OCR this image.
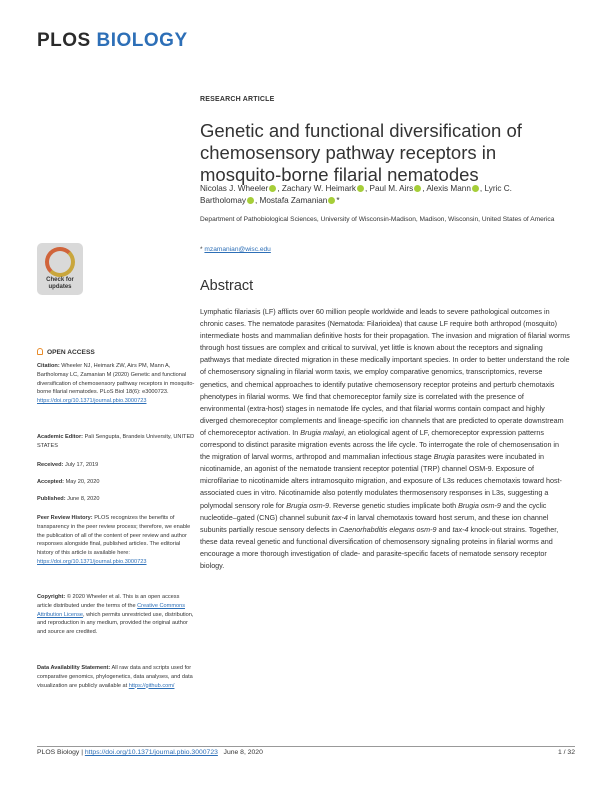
PLOS BIOLOGY
RESEARCH ARTICLE
Genetic and functional diversification of chemosensory pathway receptors in mosquito-borne filarial nematodes
Nicolas J. Wheeler , Zachary W. Heimark , Paul M. Airs , Alexis Mann , Lyric C. Bartholomay , Mostafa Zamanian *
Department of Pathobiological Sciences, University of Wisconsin-Madison, Madison, Wisconsin, United States of America
* mzamanian@wisc.edu
Check for
updates
OPEN ACCESS
Citation: Wheeler NJ, Heimark ZW, Airs PM, Mann A, Bartholomay LC, Zamanian M (2020) Genetic and functional diversification of chemosensory pathway receptors in mosquito-borne filarial nematodes. PLoS Biol 18(6): e3000723. https://doi.org/10.1371/journal.pbio.3000723
Academic Editor: Pali Sengupta, Brandeis University, UNITED STATES
Received: July 17, 2019
Accepted: May 20, 2020
Published: June 8, 2020
Peer Review History: PLOS recognizes the benefits of transparency in the peer review process; therefore, we enable the publication of all of the content of peer review and author responses alongside final, published articles. The editorial history of this article is available here: https://doi.org/10.1371/journal.pbio.3000723
Copyright: © 2020 Wheeler et al. This is an open access article distributed under the terms of the Creative Commons Attribution License, which permits unrestricted use, distribution, and reproduction in any medium, provided the original author and source are credited.
Data Availability Statement: All raw data and scripts used for comparative genomics, phylogenetics, data analyses, and data visualization are publicly available at https://github.com/
Abstract
Lymphatic filariasis (LF) afflicts over 60 million people worldwide and leads to severe pathological outcomes in chronic cases. The nematode parasites (Nematoda: Filarioidea) that cause LF require both arthropod (mosquito) intermediate hosts and mammalian definitive hosts for their propagation. The invasion and migration of filarial worms through host tissues are complex and critical to survival, yet little is known about the receptors and signaling pathways that mediate directed migration in these medically important species. In order to better understand the role of chemosensory signaling in filarial worm taxis, we employ comparative genomics, transcriptomics, reverse genetics, and chemical approaches to identify putative chemosensory receptor proteins and perturb chemotaxis phenotypes in filarial worms. We find that chemoreceptor family size is correlated with the presence of environmental (extra-host) stages in nematode life cycles, and that filarial worms contain compact and highly diverged chemoreceptor complements and lineage-specific ion channels that are predicted to operate downstream of chemoreceptor activation. In Brugia malayi, an etiological agent of LF, chemoreceptor expression patterns correspond to distinct parasite migration events across the life cycle. To interrogate the role of chemosensation in the migration of larval worms, arthropod and mammalian infectious stage Brugia parasites were incubated in nicotinamide, an agonist of the nematode transient receptor potential (TRP) channel OSM-9. Exposure of microfilariae to nicotinamide alters intramosquito migration, and exposure of L3s reduces chemotaxis toward host-associated cues in vitro. Nicotinamide also potently modulates thermosensory responses in L3s, suggesting a polymodal sensory role for Brugia osm-9. Reverse genetic studies implicate both Brugia osm-9 and the cyclic nucleotide–gated (CNG) channel subunit tax-4 in larval chemotaxis toward host serum, and these ion channel subunits partially rescue sensory defects in Caenorhabditis elegans osm-9 and tax-4 knock-out strains. Together, these data reveal genetic and functional diversification of chemosensory signaling proteins in filarial worms and encourage a more thorough investigation of clade- and parasite-specific facets of nematode sensory receptor biology.
PLOS Biology | https://doi.org/10.1371/journal.pbio.3000723   June 8, 2020	1 / 32
